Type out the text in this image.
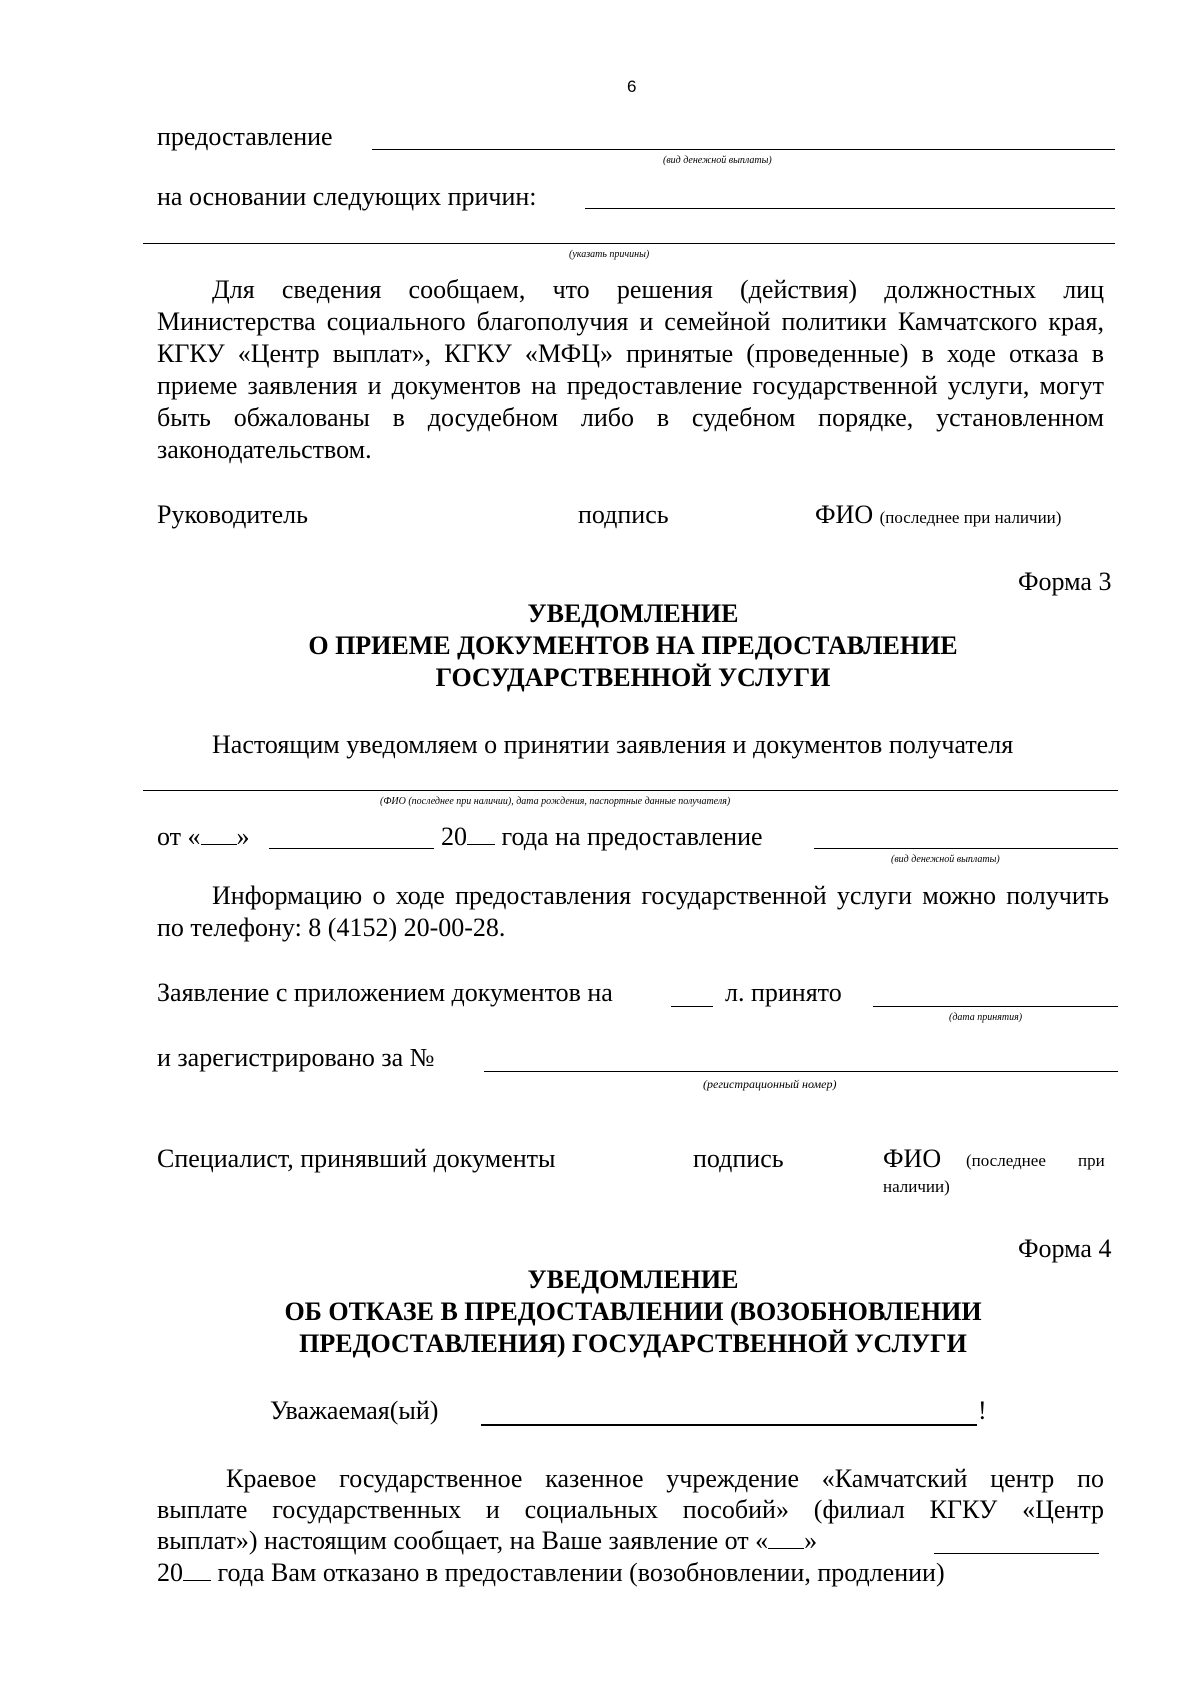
6
предоставление
(вид денежной выплаты)
на основании следующих причин:
(указать причины)
Для сведения сообщаем, что решения (действия) должностных лиц Министерства социального благополучия и семейной политики Камчатского края, КГКУ «Центр выплат», КГКУ «МФЦ» принятые (проведенные) в ходе отказа в приеме заявления и документов на предоставление государственной услуги, могут быть обжалованы в досудебном либо в судебном порядке, установленном законодательством.
Руководитель	подпись	ФИО (последнее при наличии)
Форма 3
УВЕДОМЛЕНИЕ
О ПРИЕМЕ ДОКУМЕНТОВ НА ПРЕДОСТАВЛЕНИЕ
ГОСУДАРСТВЕННОЙ УСЛУГИ
Настоящим уведомляем о принятии заявления и документов получателя
(ФИО (последнее при наличии), дата рождения, паспортные данные получателя)
от « »	20 года на предоставление
(вид денежной выплаты)
Информацию о ходе предоставления государственной услуги можно получить по телефону: 8 (4152) 20-00-28.
Заявление с приложением документов на	л. принято
(дата принятия)
и зарегистрировано за №
(регистрационный номер)
Специалист, принявший документы	подпись	ФИО (последнее при
наличии)
Форма 4
УВЕДОМЛЕНИЕ
ОБ ОТКАЗЕ В ПРЕДОСТАВЛЕНИИ (ВОЗОБНОВЛЕНИИ
ПРЕДОСТАВЛЕНИЯ) ГОСУДАРСТВЕННОЙ УСЛУГИ
Уважаемая(ый)	!
Краевое государственное казенное учреждение «Камчатский центр по
выплате государственных и социальных пособий» (филиал КГКУ «Центр
выплат») настоящим сообщает, на Ваше заявление от « »
20 года Вам отказано в предоставлении (возобновлении, продлении)
